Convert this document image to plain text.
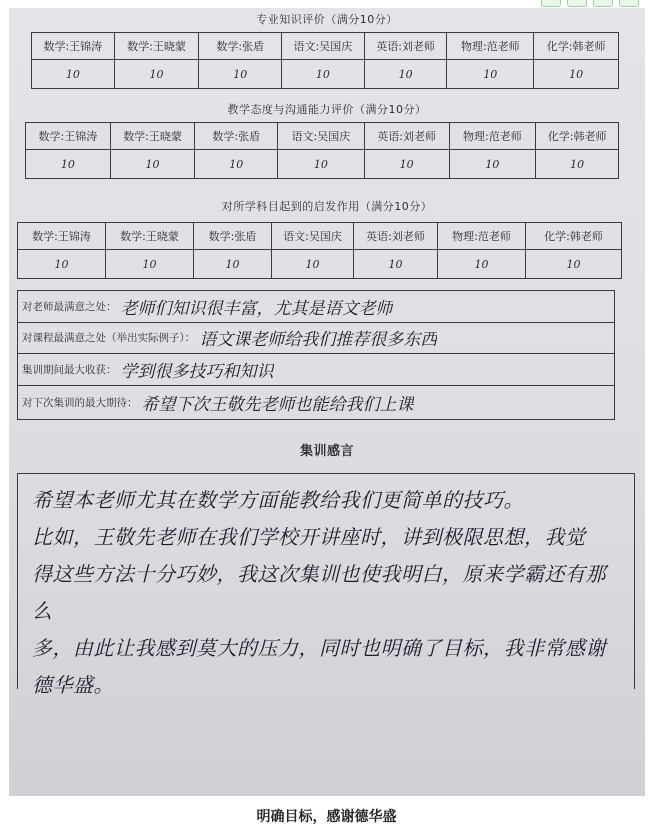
专业知识评价（满分10分）
数学:王锦涛	数学:王晓蒙	数学:张盾	语文:吴国庆	英语:刘老师	物理:范老师	化学:韩老师
10	10	10	10	10	10	10
教学态度与沟通能力评价（满分10分）
数学:王锦涛	数学:王晓蒙	数学:张盾	语文:吴国庆	英语:刘老师	物理:范老师	化学:韩老师
10	10	10	10	10	10	10
对所学科目起到的启发作用（满分10分）
数学:王锦涛	数学:王晓蒙	数学:张盾	语文:吴国庆	英语:刘老师	物理:范老师	化学:韩老师
10	10	10	10	10	10	10
对老师最满意之处： 老师们知识很丰富，尤其是语文老师
对课程最满意之处（举出实际例子）： 语文课老师给我们推荐很多东西
集训期间最大收获： 学到很多技巧和知识
对下次集训的最大期待： 希望下次王敬先老师也能给我们上课
集训感言
希望本老师尤其在数学方面能教给我们更简单的技巧。
比如，王敬先老师在我们学校开讲座时，讲到极限思想，我觉
得这些方法十分巧妙，我这次集训也使我明白，原来学霸还有那么
多，由此让我感到莫大的压力，同时也明确了目标，我非常感谢
德华盛。
明确目标，感谢德华盛
